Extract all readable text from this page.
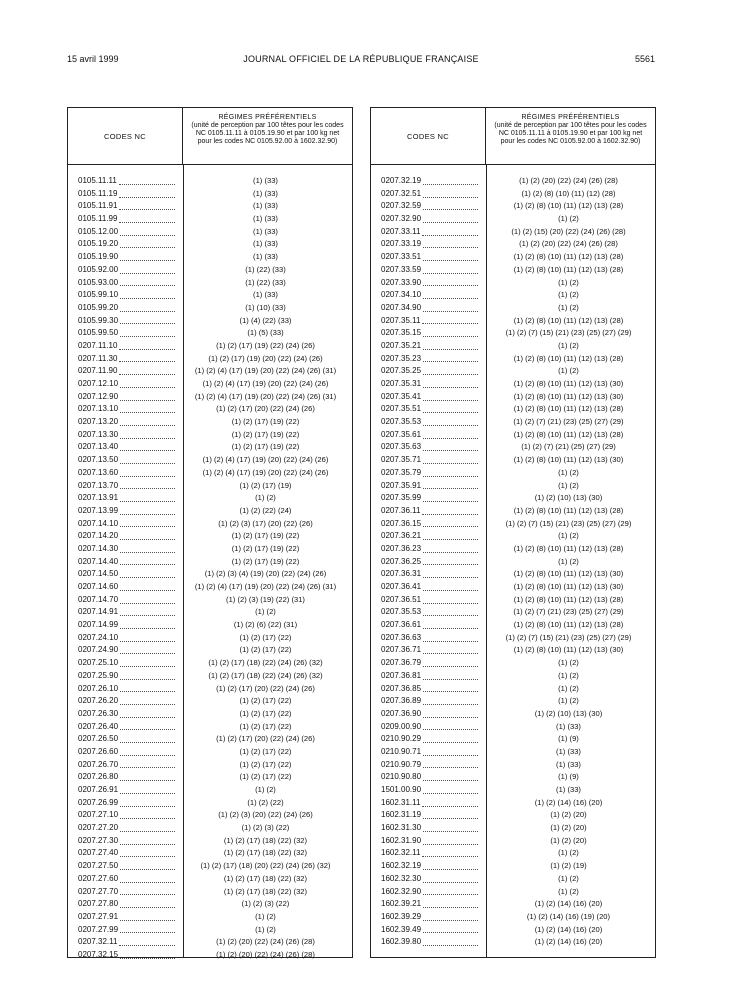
15 avril 1999	JOURNAL OFFICIEL DE LA RÉPUBLIQUE FRANÇAISE	5561
CODES NC
RÉGIMES PRÉFÉRENTIELS
(unité de perception par 100 têtes pour les codes NC 0105.11.11 à 0105.19.90 et par 100 kg net pour les codes NC 0105.92.00 à 1602.32.90)
0105.11.11	(1) (33)
0105.11.19	(1) (33)
0105.11.91	(1) (33)
0105.11.99	(1) (33)
0105.12.00	(1) (33)
0105.19.20	(1) (33)
0105.19.90	(1) (33)
0105.92.00	(1) (22) (33)
0105.93.00	(1) (22) (33)
0105.99.10	(1) (33)
0105.99.20	(1) (10) (33)
0105.99.30	(1) (4) (22) (33)
0105.99.50	(1) (5) (33)
0207.11.10	(1) (2) (17) (19) (22) (24) (26)
0207.11.30	(1) (2) (17) (19) (20) (22) (24) (26)
0207.11.90	(1) (2) (4) (17) (19) (20) (22) (24) (26) (31)
0207.12.10	(1) (2) (4) (17) (19) (20) (22) (24) (26)
0207.12.90	(1) (2) (4) (17) (19) (20) (22) (24) (26) (31)
0207.13.10	(1) (2) (17) (20) (22) (24) (26)
0207.13.20	(1) (2) (17) (19) (22)
0207.13.30	(1) (2) (17) (19) (22)
0207.13.40	(1) (2) (17) (19) (22)
0207.13.50	(1) (2) (4) (17) (19) (20) (22) (24) (26)
0207.13.60	(1) (2) (4) (17) (19) (20) (22) (24) (26)
0207.13.70	(1) (2) (17) (19)
0207.13.91	(1) (2)
0207.13.99	(1) (2) (22) (24)
0207.14.10	(1) (2) (3) (17) (20) (22) (26)
0207.14.20	(1) (2) (17) (19) (22)
0207.14.30	(1) (2) (17) (19) (22)
0207.14.40	(1) (2) (17) (19) (22)
0207.14.50	(1) (2) (3) (4) (19) (20) (22) (24) (26)
0207.14.60	(1) (2) (4) (17) (19) (20) (22) (24) (26) (31)
0207.14.70	(1) (2) (3) (19) (22) (31)
0207.14.91	(1) (2)
0207.14.99	(1) (2) (6) (22) (31)
0207.24.10	(1) (2) (17) (22)
0207.24.90	(1) (2) (17) (22)
0207.25.10	(1) (2) (17) (18) (22) (24) (26) (32)
0207.25.90	(1) (2) (17) (18) (22) (24) (26) (32)
0207.26.10	(1) (2) (17) (20) (22) (24) (26)
0207.26.20	(1) (2) (17) (22)
0207.26.30	(1) (2) (17) (22)
0207.26.40	(1) (2) (17) (22)
0207.26.50	(1) (2) (17) (20) (22) (24) (26)
0207.26.60	(1) (2) (17) (22)
0207.26.70	(1) (2) (17) (22)
0207.26.80	(1) (2) (17) (22)
0207.26.91	(1) (2)
0207.26.99	(1) (2) (22)
0207.27.10	(1) (2) (3) (20) (22) (24) (26)
0207.27.20	(1) (2) (3) (22)
0207.27.30	(1) (2) (17) (18) (22) (32)
0207.27.40	(1) (2) (17) (18) (22) (32)
0207.27.50	(1) (2) (17) (18) (20) (22) (24) (26) (32)
0207.27.60	(1) (2) (17) (18) (22) (32)
0207.27.70	(1) (2) (17) (18) (22) (32)
0207.27.80	(1) (2) (3) (22)
0207.27.91	(1) (2)
0207.27.99	(1) (2)
0207.32.11	(1) (2) (20) (22) (24) (26) (28)
0207.32.15	(1) (2) (20) (22) (24) (26) (28)
CODES NC
RÉGIMES PRÉFÉRENTIELS
(unité de perception par 100 têtes pour les codes NC 0105.11.11 à 0105.19.90 et par 100 kg net pour les codes NC 0105.92.00 à 1602.32.90)
0207.32.19	(1) (2) (20) (22) (24) (26) (28)
0207.32.51	(1) (2) (8) (10) (11) (12) (28)
0207.32.59	(1) (2) (8) (10) (11) (12) (13) (28)
0207.32.90	(1) (2)
0207.33.11	(1) (2) (15) (20) (22) (24) (26) (28)
0207.33.19	(1) (2) (20) (22) (24) (26) (28)
0207.33.51	(1) (2) (8) (10) (11) (12) (13) (28)
0207.33.59	(1) (2) (8) (10) (11) (12) (13) (28)
0207.33.90	(1) (2)
0207.34.10	(1) (2)
0207.34.90	(1) (2)
0207.35.11	(1) (2) (8) (10) (11) (12) (13) (28)
0207.35.15	(1) (2) (7) (15) (21) (23) (25) (27) (29)
0207.35.21	(1) (2)
0207.35.23	(1) (2) (8) (10) (11) (12) (13) (28)
0207.35.25	(1) (2)
0207.35.31	(1) (2) (8) (10) (11) (12) (13) (30)
0207.35.41	(1) (2) (8) (10) (11) (12) (13) (30)
0207.35.51	(1) (2) (8) (10) (11) (12) (13) (28)
0207.35.53	(1) (2) (7) (21) (23) (25) (27) (29)
0207.35.61	(1) (2) (8) (10) (11) (12) (13) (28)
0207.35.63	(1) (2) (7) (21) (25) (27) (29)
0207.35.71	(1) (2) (8) (10) (11) (12) (13) (30)
0207.35.79	(1) (2)
0207.35.91	(1) (2)
0207.35.99	(1) (2) (10) (13) (30)
0207.36.11	(1) (2) (8) (10) (11) (12) (13) (28)
0207.36.15	(1) (2) (7) (15) (21) (23) (25) (27) (29)
0207.36.21	(1) (2)
0207.36.23	(1) (2) (8) (10) (11) (12) (13) (28)
0207.36.25	(1) (2)
0207.36.31	(1) (2) (8) (10) (11) (12) (13) (30)
0207.36.41	(1) (2) (8) (10) (11) (12) (13) (30)
0207.36.51	(1) (2) (8) (10) (11) (12) (13) (28)
0207.35.53	(1) (2) (7) (21) (23) (25) (27) (29)
0207.36.61	(1) (2) (8) (10) (11) (12) (13) (28)
0207.36.63	(1) (2) (7) (15) (21) (23) (25) (27) (29)
0207.36.71	(1) (2) (8) (10) (11) (12) (13) (30)
0207.36.79	(1) (2)
0207.36.81	(1) (2)
0207.36.85	(1) (2)
0207.36.89	(1) (2)
0207.36.90	(1) (2) (10) (13) (30)
0209.00.90	(1) (33)
0210.90.29	(1) (9)
0210.90.71	(1) (33)
0210.90.79	(1) (33)
0210.90.80	(1) (9)
1501.00.90	(1) (33)
1602.31.11	(1) (2) (14) (16) (20)
1602.31.19	(1) (2) (20)
1602.31.30	(1) (2) (20)
1602.31.90	(1) (2) (20)
1602.32.11	(1) (2)
1602.32.19	(1) (2) (19)
1602.32.30	(1) (2)
1602.32.90	(1) (2)
1602.39.21	(1) (2) (14) (16) (20)
1602.39.29	(1) (2) (14) (16) (19) (20)
1602.39.49	(1) (2) (14) (16) (20)
1602.39.80	(1) (2) (14) (16) (20)
